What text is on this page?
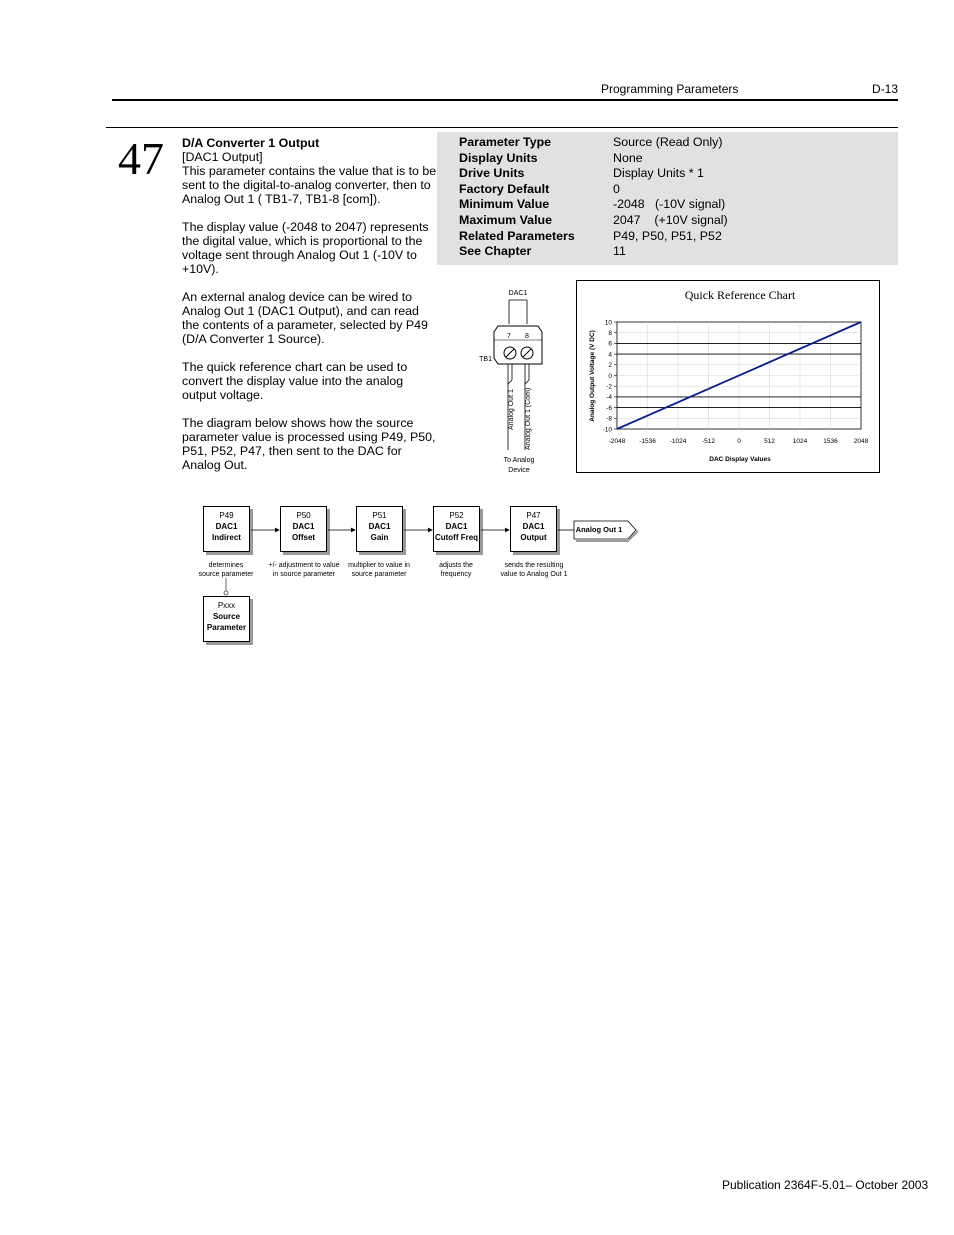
Programming Parameters	D-13
47 D/A Converter 1 Output
[DAC1 Output]

This parameter contains the value that is to be sent to the digital-to-analog converter, then to Analog Out 1 ( TB1-7, TB1-8 [com]).

The display value (-2048 to 2047) represents the digital value, which is proportional to the voltage sent through Analog Out 1 (-10V to +10V).

An external analog device can be wired to Analog Out 1 (DAC1 Output), and can read the contents of a parameter, selected by P49 (D/A Converter 1 Source).

The quick reference chart can be used to convert the display value into the analog output voltage.

The diagram below shows how the source parameter value is processed using P49, P50, P51, P52, P47, then sent to the DAC for Analog Out.

Parameter Type	Source (Read Only)
Display Units	None
Drive Units	Display Units * 1
Factory Default	0
Minimum Value	-2048   (-10V signal)
Maximum Value	2047    (+10V signal)
Related Parameters	P49, P50, P51, P52
See Chapter	11
DAC1
7 8
TB1
Analog Out 1 Analog Out 1 (Com)
To Analog
Device
Quick Reference Chart
-2048 -1536 -1024 -512	0	512	1024 1536 2048
10
8
6
4
2
0
-2
-4
-6
-8
-10
DAC Display Values
Analog Output Voltage (V DC)
P49
DAC1
Indirect
P50
DAC1
Offset
P51
DAC1
Gain
P52
DAC1
Cutoff Freq
P47
DAC1
Output
Analog Out 1
determines
source parameter
+/- adjustment to value
in source parameter
multiplier to value in
source parameter
adjusts the
frequency
sends the resulting
value to Analog Out 1
Pxxx
Source
Parameter
Publication 2364F-5.01– October 2003
